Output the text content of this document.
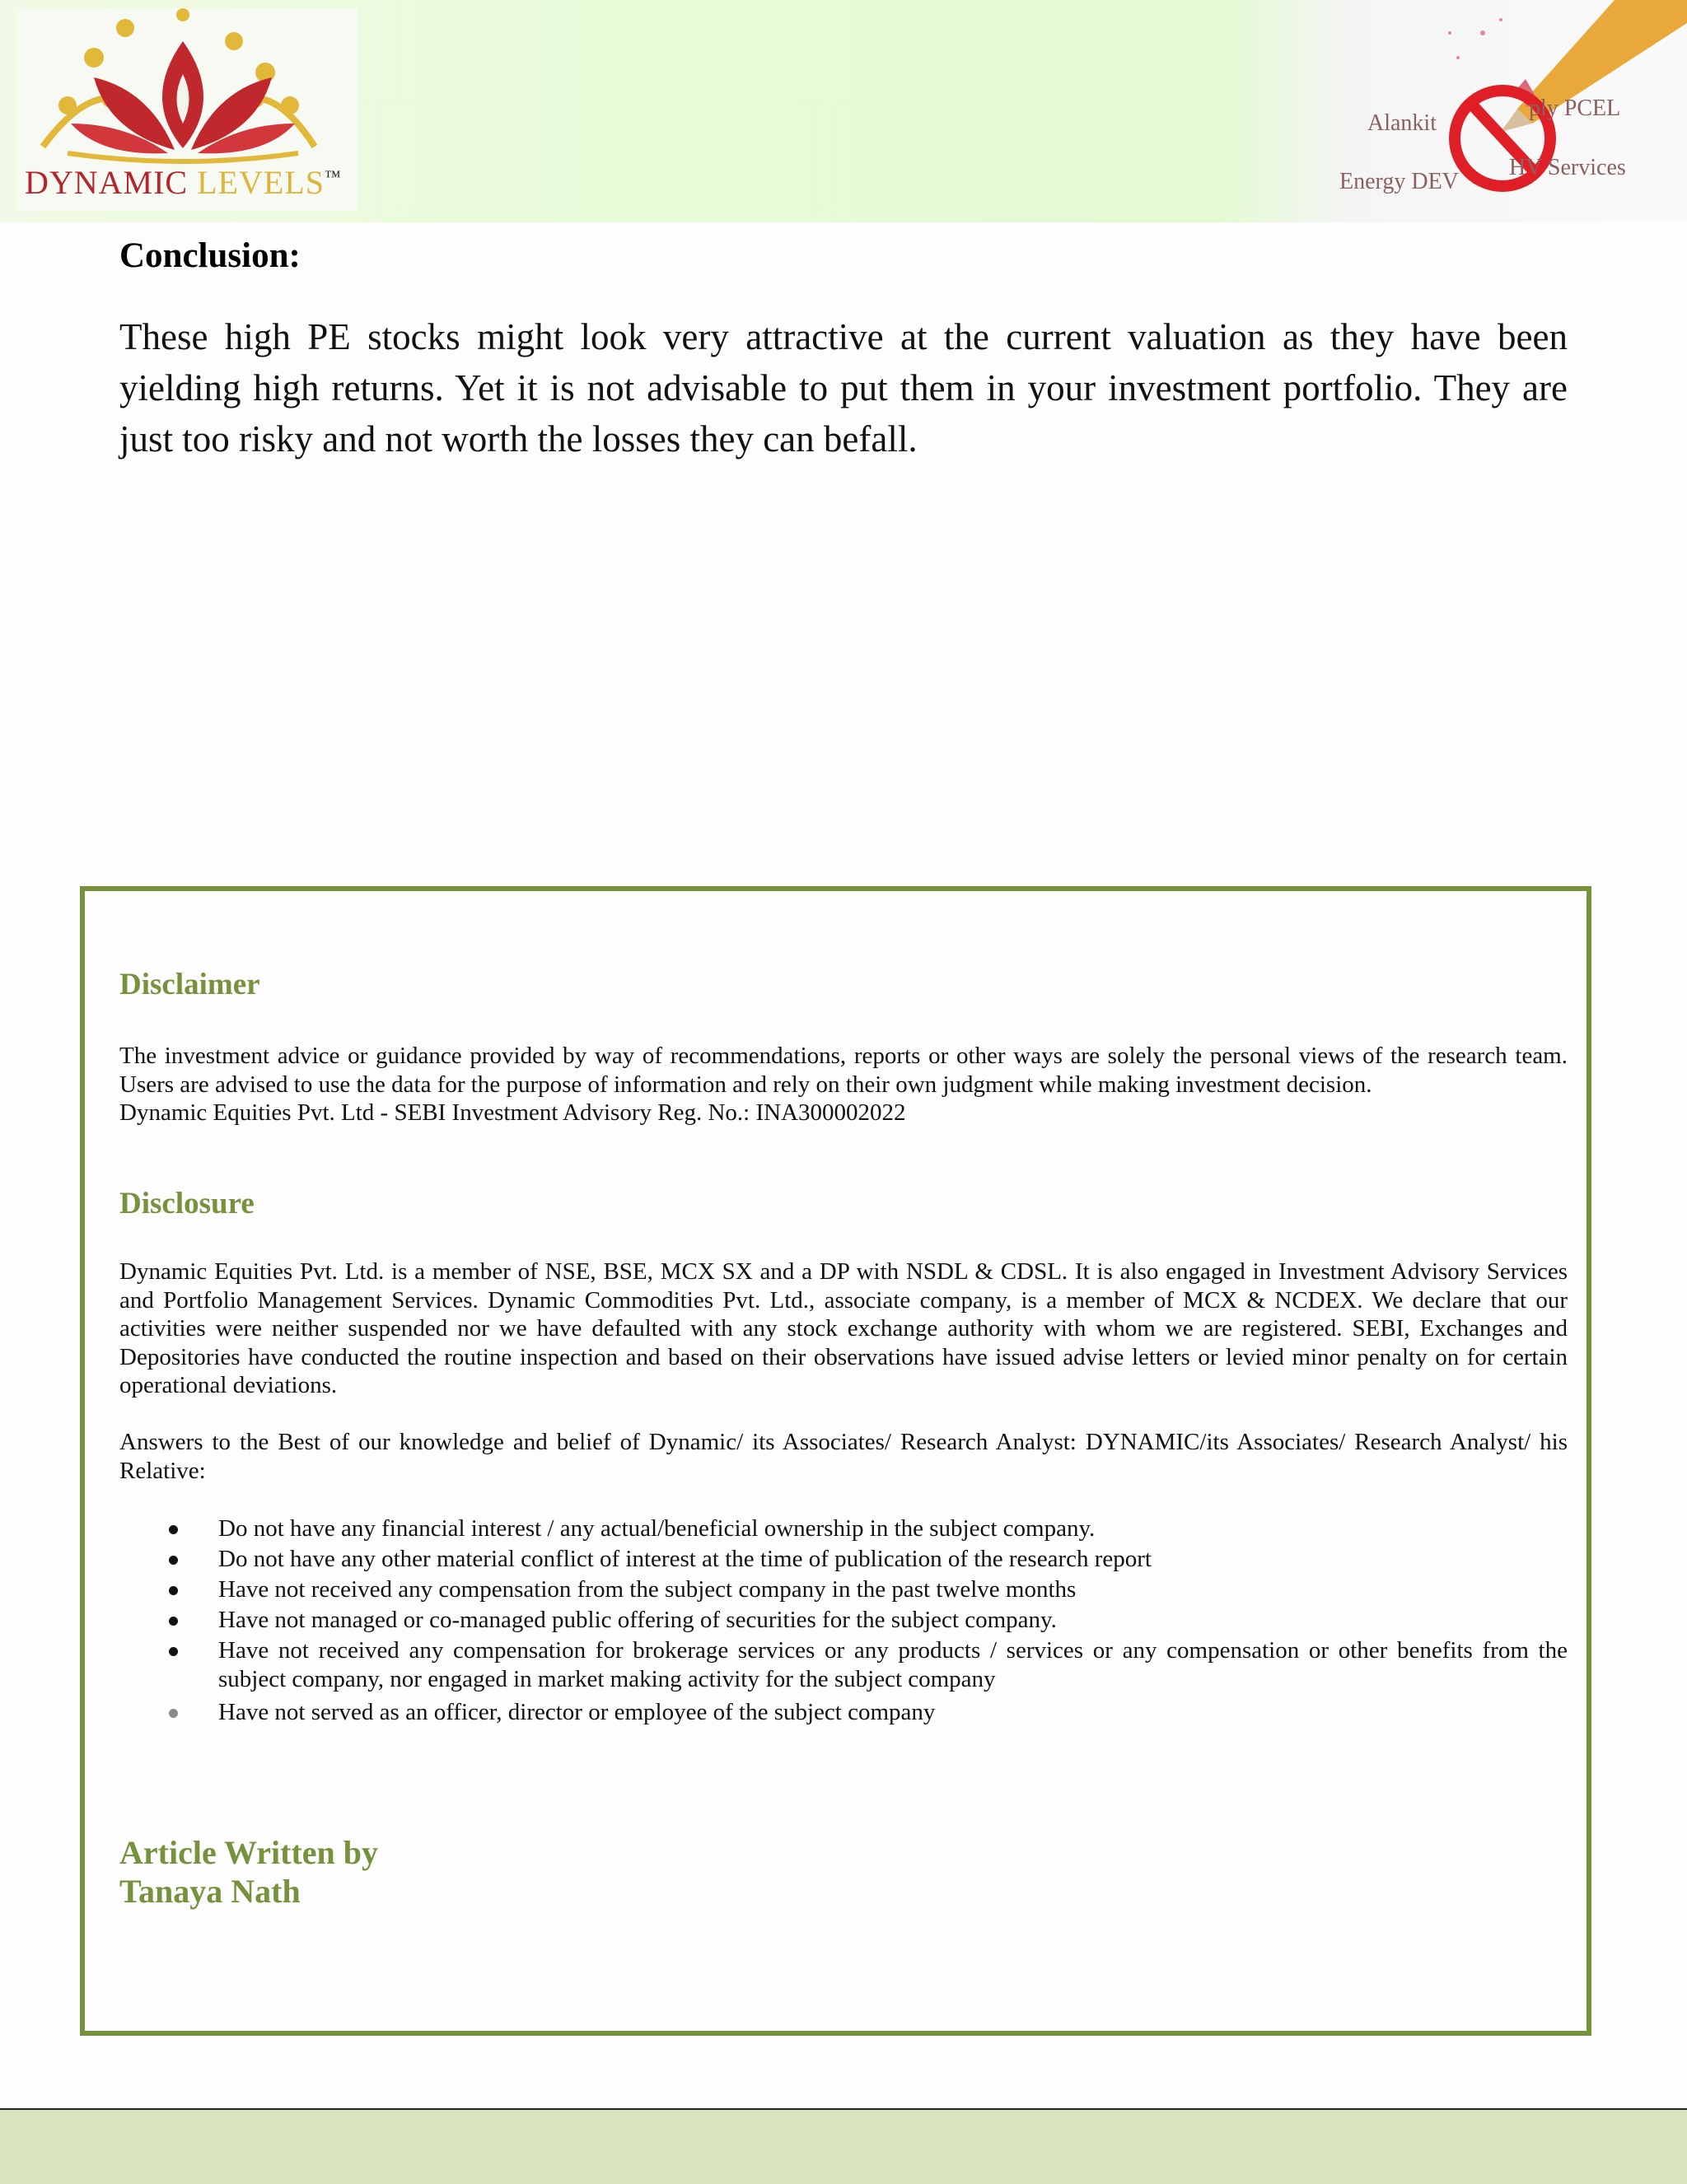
DYNAMIC LEVELS™
Alankit
ply PCEL
Energy DEV
HV Services
Conclusion:

These high PE stocks might look very attractive at the current valuation as they have been yielding high returns. Yet it is not advisable to put them in your investment portfolio. They are just too risky and not worth the losses they can befall.

Disclaimer

The investment advice or guidance provided by way of recommendations, reports or other ways are solely the personal views of the research team. Users are advised to use the data for the purpose of information and rely on their own judgment while making investment decision.

Dynamic Equities Pvt. Ltd - SEBI Investment Advisory Reg. No.: INA300002022

Disclosure

Dynamic Equities Pvt. Ltd. is a member of NSE, BSE, MCX SX and a DP with NSDL & CDSL. It is also engaged in Investment Advisory Services and Portfolio Management Services. Dynamic Commodities Pvt. Ltd., associate company, is a member of MCX & NCDEX. We declare that our activities were neither suspended nor we have defaulted with any stock exchange authority with whom we are registered. SEBI, Exchanges and Depositories have conducted the routine inspection and based on their observations have issued advise letters or levied minor penalty on for certain operational deviations.

Answers to the Best of our knowledge and belief of Dynamic/ its Associates/ Research Analyst: DYNAMIC/its Associates/ Research Analyst/ his Relative:

Do not have any financial interest / any actual/beneficial ownership in the subject company.
Do not have any other material conflict of interest at the time of publication of the research report
Have not received any compensation from the subject company in the past twelve months
Have not managed or co-managed public offering of securities for the subject company.
Have not received any compensation for brokerage services or any products / services or any compensation or other benefits from the subject company, nor engaged in market making activity for the subject company
Have not served as an officer, director or employee of the subject company
Article Written by
Tanaya Nath
